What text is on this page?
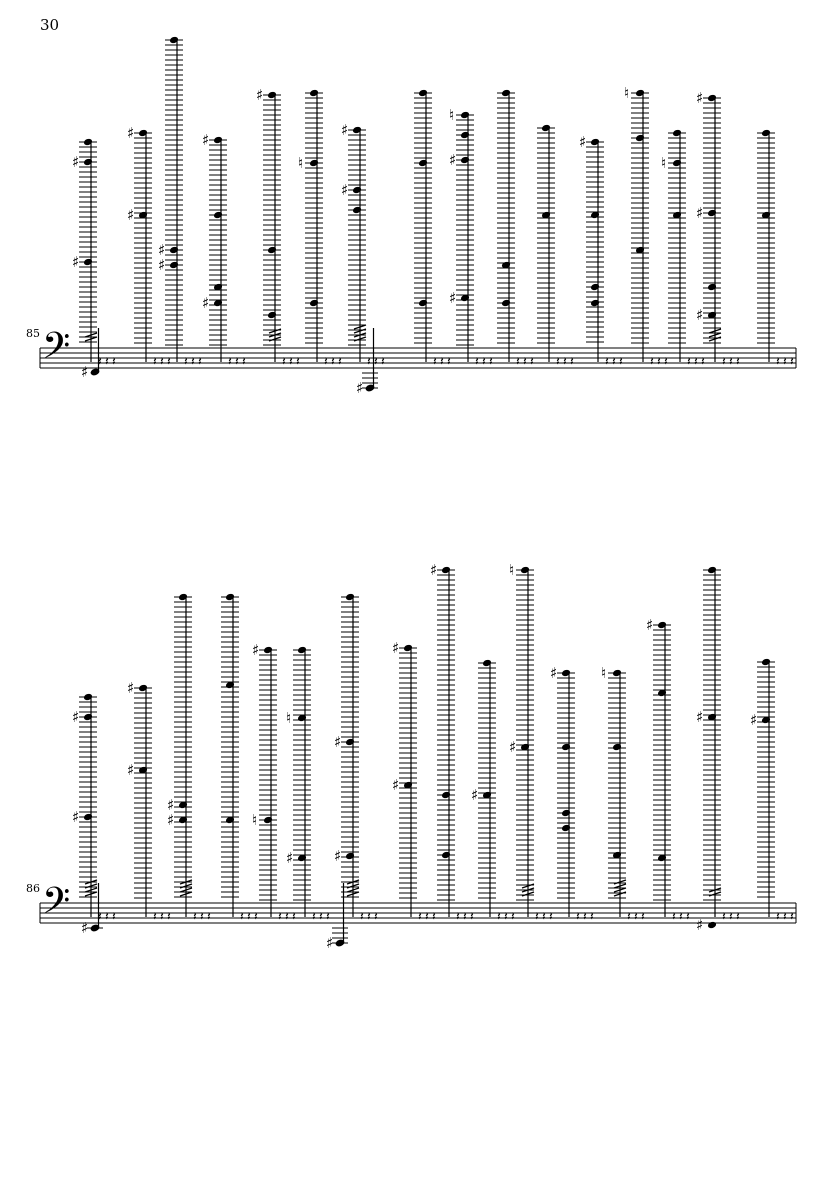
30
85 𝄢
♯
♯
𝄽 𝄽 𝄽
♯
♯
𝄽 𝄽 𝄽
♯
♯
𝄽 𝄽 𝄽
♯
♯
𝄽 𝄽 𝄽
♯
𝄽 𝄽 𝄽
♮
𝄽 𝄽 𝄽
♯
♯
𝄽 𝄽 𝄽	𝄽 𝄽 𝄽
♮
♯
♯
𝄽 𝄽 𝄽 𝄽 𝄽 𝄽 𝄽 𝄽 𝄽
♯
𝄽 𝄽 𝄽
♮
𝄽 𝄽 𝄽
♮
𝄽 𝄽 𝄽
♯
♯
♯
𝄽 𝄽 𝄽	𝄽 𝄽 𝄽
♯
♯
86 𝄢
♯
♯
𝄽 𝄽 𝄽
♯
♯
𝄽 𝄽 𝄽
♯
♯
𝄽 𝄽 𝄽 𝄽 𝄽 𝄽
♯
♮
𝄽 𝄽 𝄽
♮
♯
𝄽 𝄽 𝄽
♯
♯
𝄽 𝄽 𝄽
♯
♯
𝄽 𝄽 𝄽
♯
𝄽 𝄽 𝄽
♯
𝄽 𝄽 𝄽
♮
♯
𝄽 𝄽 𝄽
♯
𝄽 𝄽 𝄽
♮
𝄽 𝄽 𝄽
♯
𝄽 𝄽 𝄽
♯
♯ 𝄽 𝄽 𝄽
♯
𝄽 𝄽 𝄽
♯
♯
